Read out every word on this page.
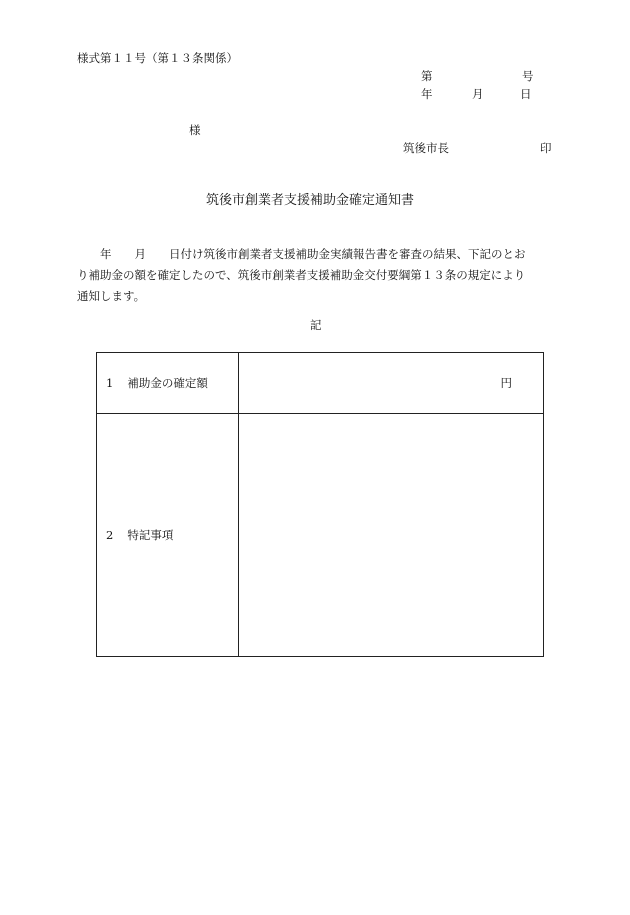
様式第１１号（第１３条関係）
第	号
年	月	日
様
筑後市長	印
筑後市創業者支援補助金確定通知書
　　年　　月　　日付け筑後市創業者支援補助金実績報告書を審査の結果、下記のとお
り補助金の額を確定したので、筑後市創業者支援補助金交付要綱第１３条の規定により
通知します。
記
1 補助金の確定額	円

2 特記事項	
